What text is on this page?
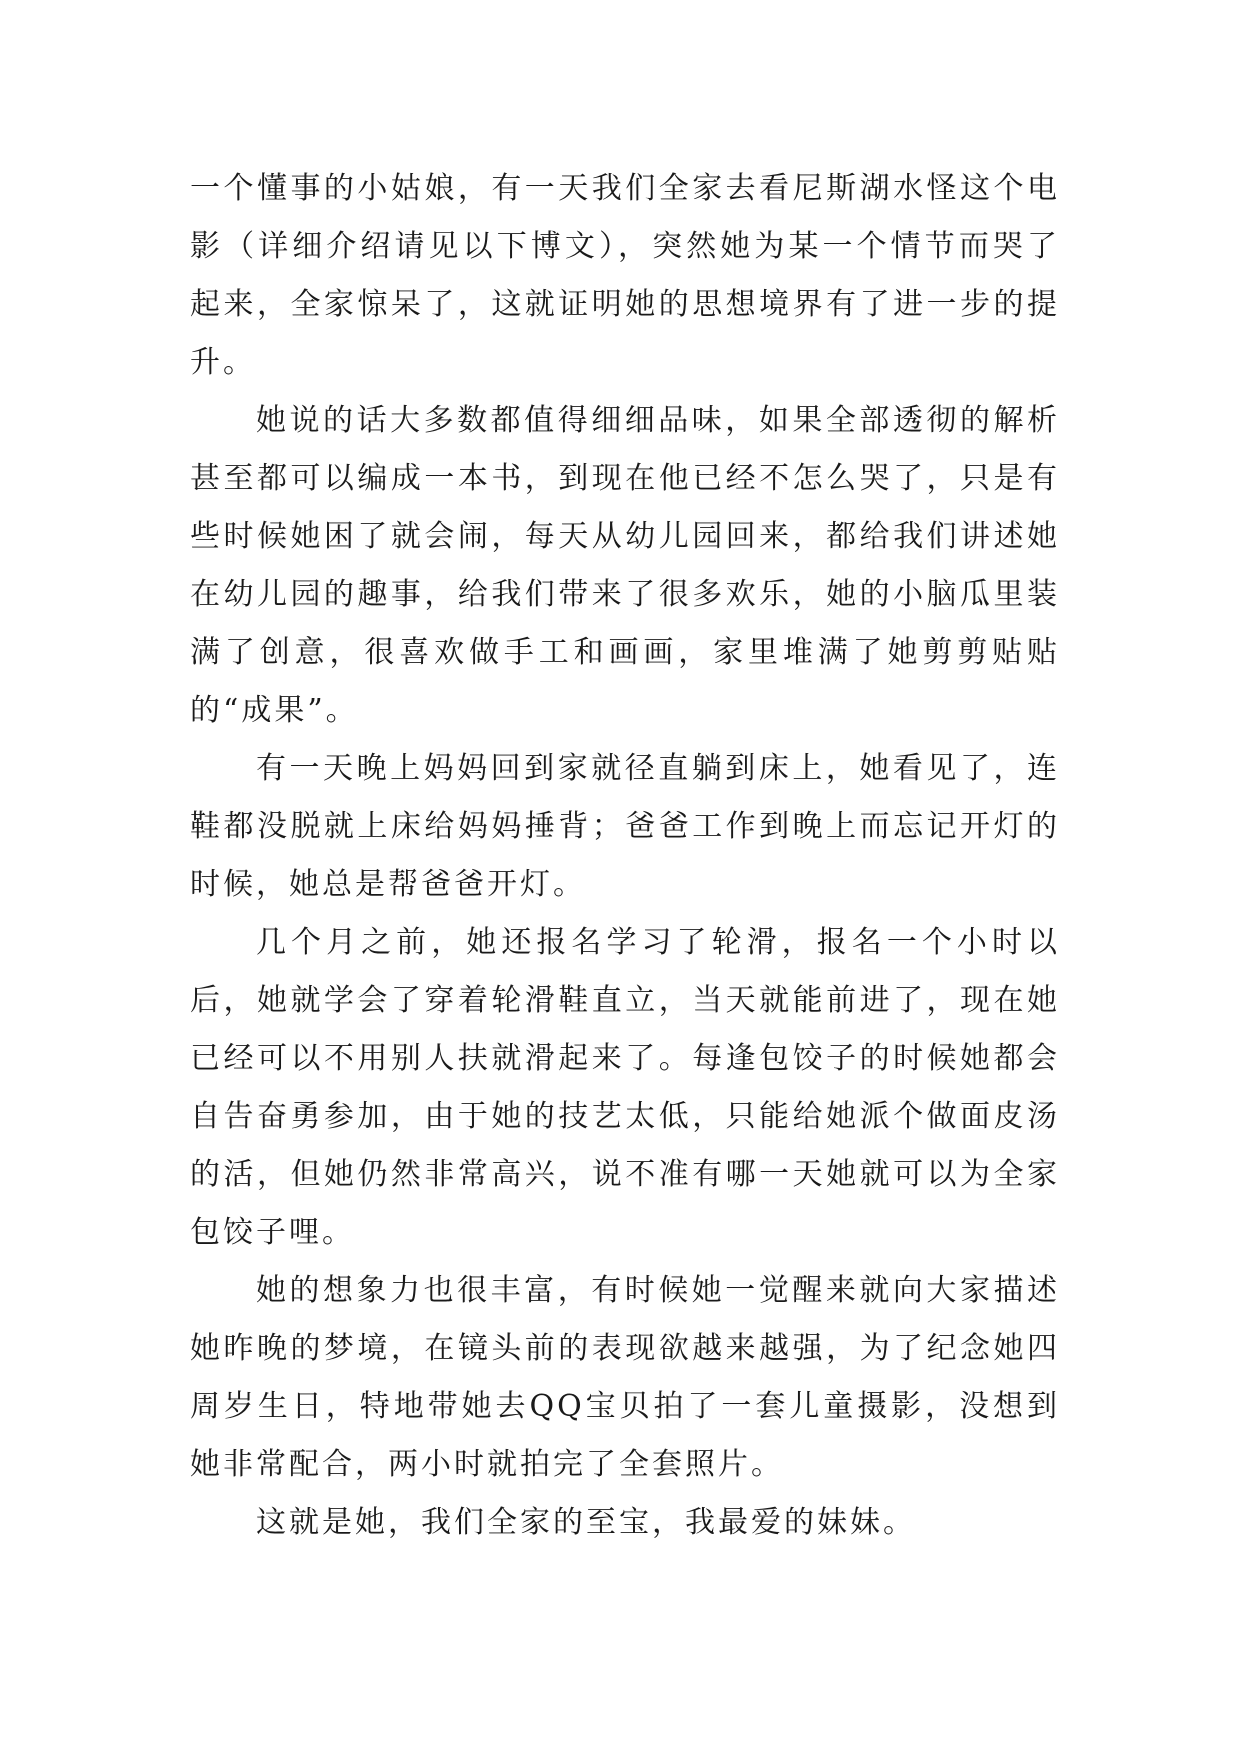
一个懂事的小姑娘，有一天我们全家去看尼斯湖水怪这个电影（详细介绍请见以下博文），突然她为某一个情节而哭了起来，全家惊呆了，这就证明她的思想境界有了进一步的提升。

她说的话大多数都值得细细品味，如果全部透彻的解析甚至都可以编成一本书，到现在他已经不怎么哭了，只是有些时候她困了就会闹，每天从幼儿园回来，都给我们讲述她在幼儿园的趣事，给我们带来了很多欢乐，她的小脑瓜里装满了创意，很喜欢做手工和画画，家里堆满了她剪剪贴贴的“成果”。

有一天晚上妈妈回到家就径直躺到床上，她看见了，连鞋都没脱就上床给妈妈捶背；爸爸工作到晚上而忘记开灯的时候，她总是帮爸爸开灯。

几个月之前，她还报名学习了轮滑，报名一个小时以后，她就学会了穿着轮滑鞋直立，当天就能前进了，现在她已经可以不用别人扶就滑起来了。每逢包饺子的时候她都会自告奋勇参加，由于她的技艺太低，只能给她派个做面皮汤的活，但她仍然非常高兴，说不准有哪一天她就可以为全家包饺子哩。

她的想象力也很丰富，有时候她一觉醒来就向大家描述她昨晚的梦境，在镜头前的表现欲越来越强，为了纪念她四周岁生日，特地带她去QQ宝贝拍了一套儿童摄影，没想到她非常配合，两小时就拍完了全套照片。

这就是她，我们全家的至宝，我最爱的妹妹。
